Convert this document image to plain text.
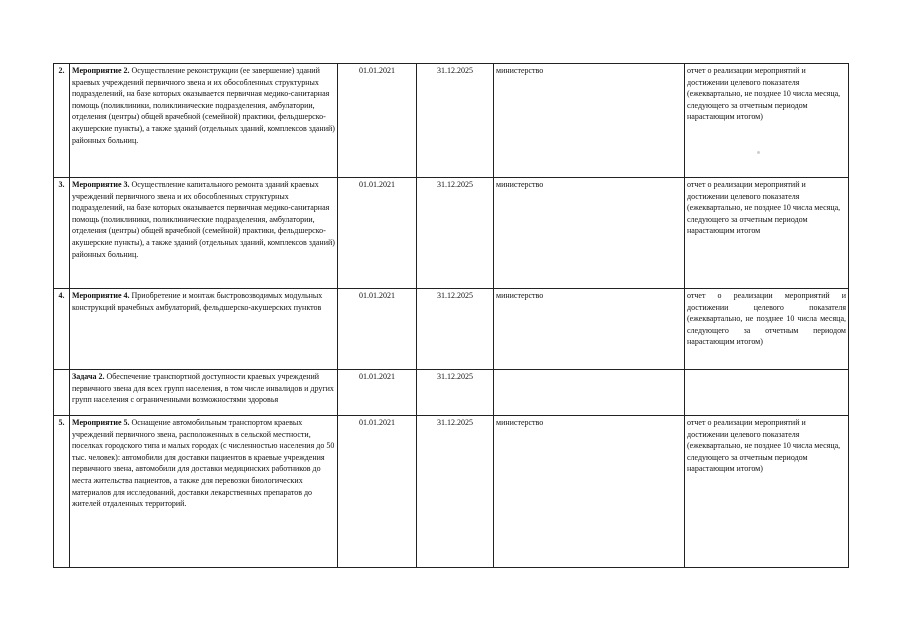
2.	Мероприятие 2. Осуществление реконструкции (ее завершение) зданий краевых учреждений первичного звена и их обособленных структурных подразделений, на базе которых оказывается первичная медико-санитарная помощь (поликлиники, поликлинические подразделения, амбулатории, отделения (центры) общей врачебной (семейной) практики, фельдшерско-акушерские пункты), а также зданий (отдельных зданий, комплексов зданий) районных больниц.	01.01.2021	31.12.2025	министерство	отчет о реализации мероприятий и достижении целевого показателя (ежеквартально, не позднее 10 числа месяца, следующего за отчетным периодом нарастающим итогом)
3.	Мероприятие 3. Осуществление капитального ремонта зданий краевых учреждений первичного звена и их обособленных структурных подразделений, на базе которых оказывается первичная медико-санитарная помощь (поликлиники, поликлинические подразделения, амбулатории, отделения (центры) общей врачебной (семейной) практики, фельдшерско-акушерские пункты), а также зданий (отдельных зданий, комплексов зданий) районных больниц.	01.01.2021	31.12.2025	министерство	отчет о реализации мероприятий и достижении целевого показателя (ежеквартально, не позднее 10 числа месяца, следующего за отчетным периодом нарастающим итогом
4.	Мероприятие 4. Приобретение и монтаж быстровозводимых модульных конструкций врачебных амбулаторий, фельдшерско-акушерских пунктов	01.01.2021	31.12.2025	министерство	отчет о реализации мероприятий и достижении целевого показателя (ежеквартально, не позднее 10 числа месяца, следующего за отчетным периодом нарастающим итогом)
	Задача 2. Обеспечение транспортной доступности краевых учреждений первичного звена для всех групп населения, в том числе инвалидов и других групп населения с ограниченными возможностями здоровья	01.01.2021	31.12.2025		
5.	Мероприятие 5. Оснащение автомобильным транспортом краевых учреждений первичного звена, расположенных в сельской местности, поселках городского типа и малых городах (с численностью населения до 50 тыс. человек): автомобили для доставки пациентов в краевые учреждения первичного звена, автомобили для доставки медицинских работников до места жительства пациентов, а также для перевозки биологических материалов для исследований, доставки лекарственных препаратов до жителей отдаленных территорий.	01.01.2021	31.12.2025	министерство	отчет о реализации мероприятий и достижении целевого показателя (ежеквартально, не позднее 10 числа месяца, следующего за отчетным периодом нарастающим итогом)
